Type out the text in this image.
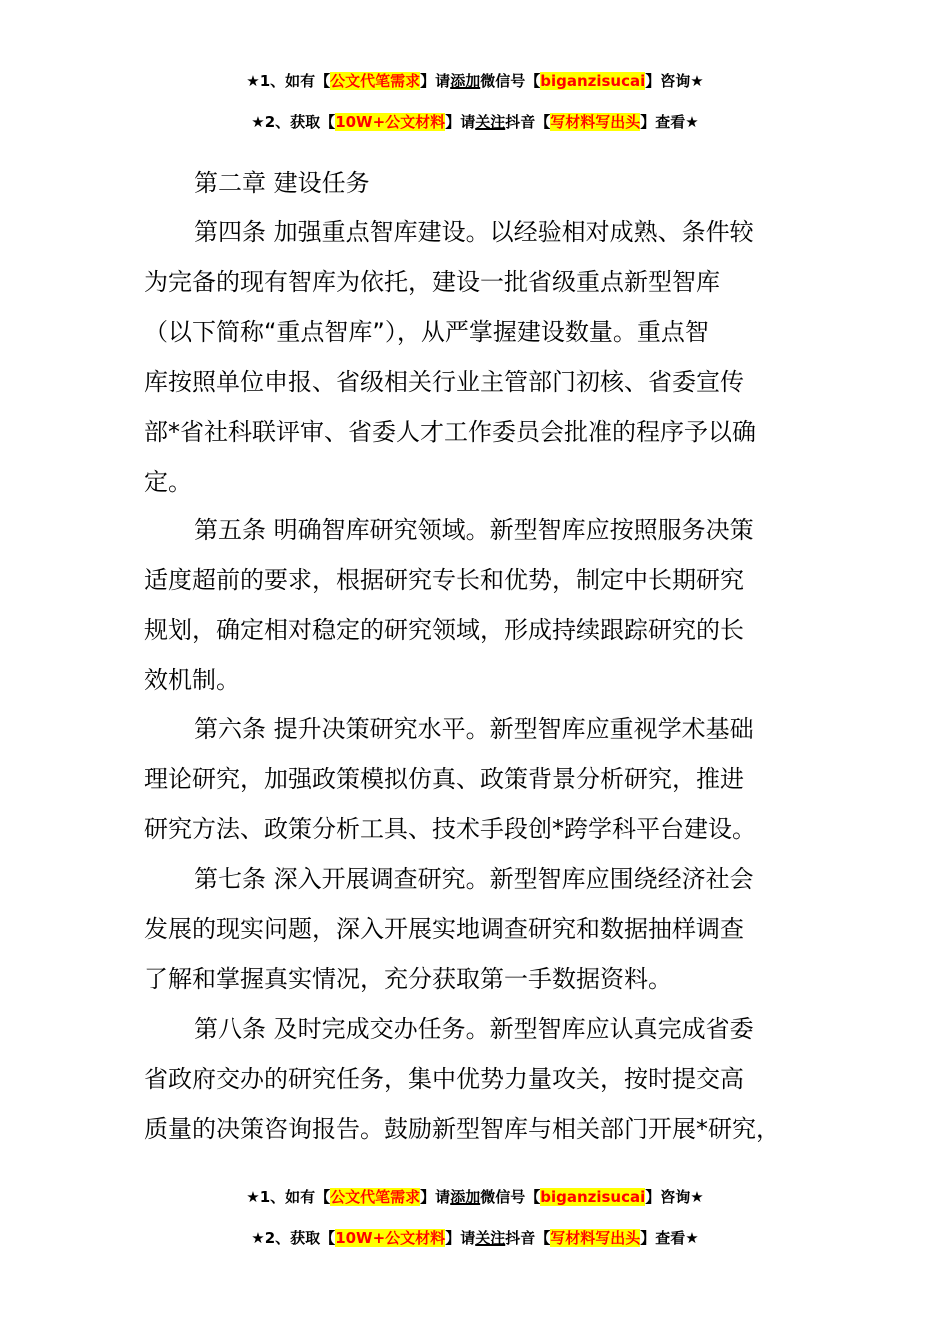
★1、如有【公文代笔需求】请添加微信号【biganzisucai】咨询★
★2、获取【10W+公文材料】请关注抖音【写材料写出头】查看★
第二章 建设任务
第四条 加强重点智库建设。以经验相对成熟、条件较
为完备的现有智库为依托，建设一批省级重点新型智库
（以下简称“重点智库”），从严掌握建设数量。重点智
库按照单位申报、省级相关行业主管部门初核、省委宣传
部*省社科联评审、省委人才工作委员会批准的程序予以确
定。
第五条 明确智库研究领域。新型智库应按照服务决策
适度超前的要求，根据研究专长和优势，制定中长期研究
规划，确定相对稳定的研究领域，形成持续跟踪研究的长
效机制。
第六条 提升决策研究水平。新型智库应重视学术基础
理论研究，加强政策模拟仿真、政策背景分析研究，推进
研究方法、政策分析工具、技术手段创*跨学科平台建设。
第七条 深入开展调查研究。新型智库应围绕经济社会
发展的现实问题，深入开展实地调查研究和数据抽样调查
了解和掌握真实情况，充分获取第一手数据资料。
第八条 及时完成交办任务。新型智库应认真完成省委
省政府交办的研究任务，集中优势力量攻关，按时提交高
质量的决策咨询报告。鼓励新型智库与相关部门开展*研究，
★1、如有【公文代笔需求】请添加微信号【biganzisucai】咨询★
★2、获取【10W+公文材料】请关注抖音【写材料写出头】查看★
